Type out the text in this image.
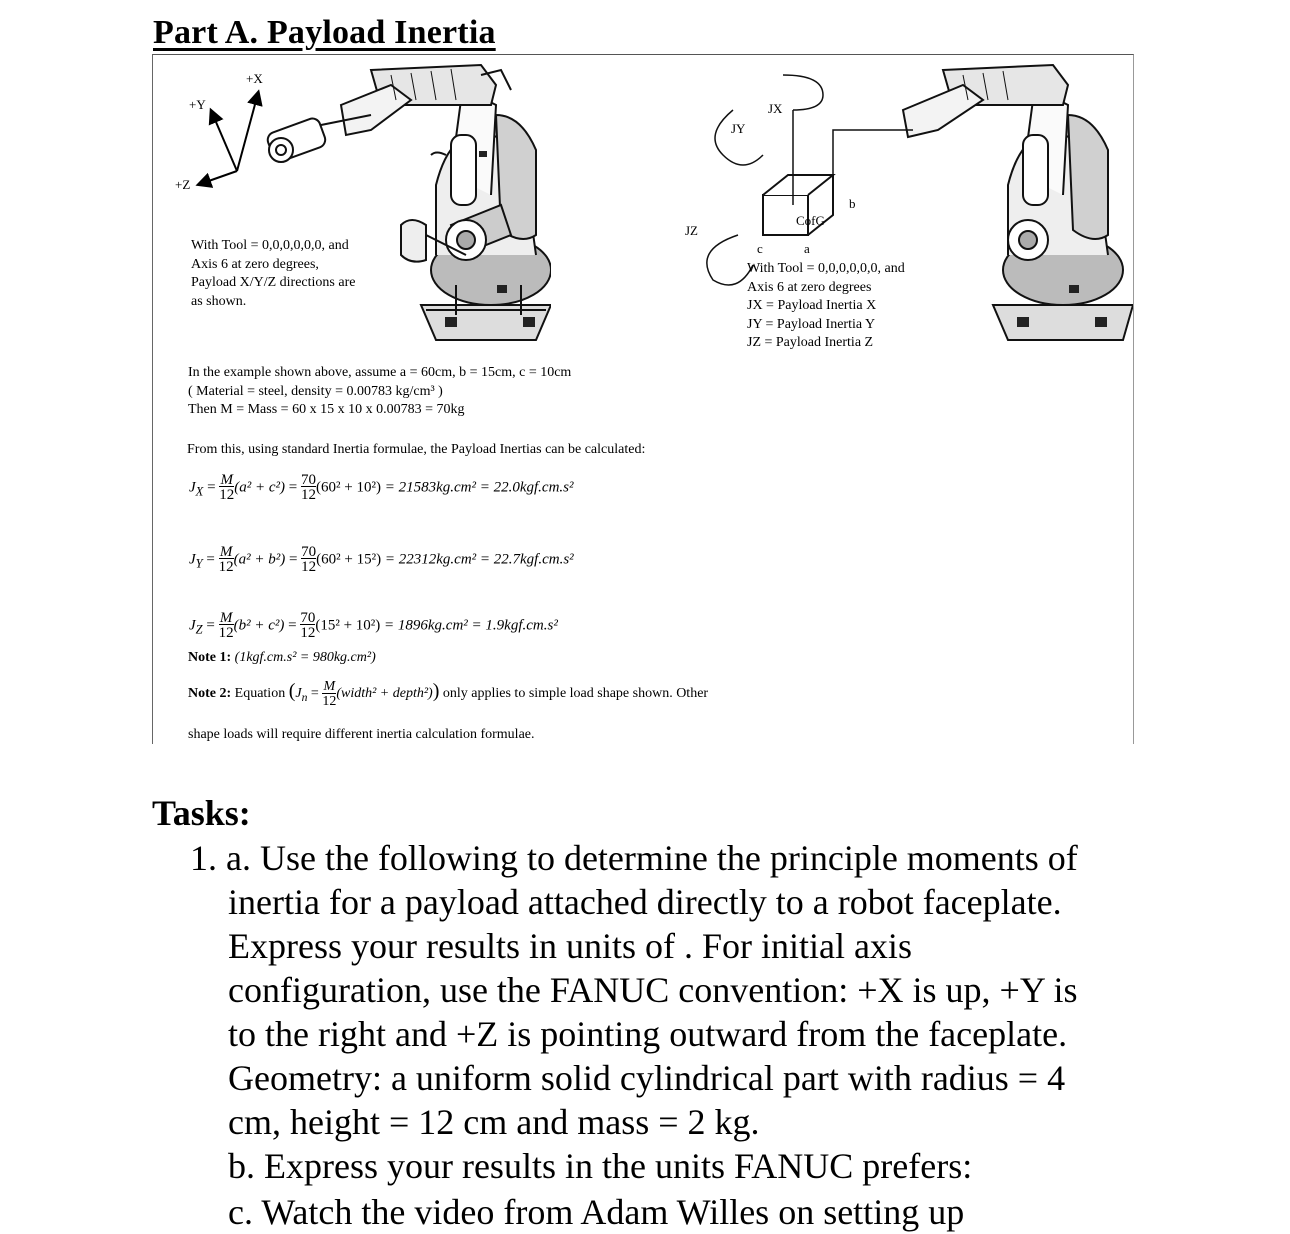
Part A. Payload Inertia
+X
+Y
+Z
With Tool = 0,0,0,0,0,0, and
Axis 6 at zero degrees,
Payload X/Y/Z directions are
as shown.
JX
JY
JZ
CofG
b
c	a
With Tool = 0,0,0,0,0,0, and
Axis 6 at zero degrees
JX = Payload Inertia X
JY = Payload Inertia Y
JZ = Payload Inertia Z
In the example shown above, assume a = 60cm, b = 15cm, c = 10cm
( Material = steel, density = 0.00783 kg/cm³ )
Then M = Mass = 60 x 15 x 10 x 0.00783 = 70kg
From this, using standard Inertia formulae, the Payload Inertias can be calculated:
$J_X = \frac{M}{12}(a^2 + c^2) = \frac{70}{12}(60^2 + 10^2) = 21583kg.cm^2 = 22.0kgf.cm.s^2$
$J_Y = \frac{M}{12}(a^2 + b^2) = \frac{70}{12}(60^2 + 15^2) = 22312kg.cm^2 = 22.7kgf.cm.s^2$
$J_Z = \frac{M}{12}(b^2 + c^2) = \frac{70}{12}(15^2 + 10^2) = 1896kg.cm^2 = 1.9kgf.cm.s^2$
Note 1: (1kgf.cm.s² = 980kg.cm²)
Note 2: Equation ($J_n$ = $\frac{M}{12}(width^2$ + depth²)) only applies to simple load shape shown. Other
shape loads will require different inertia calculation formulae.
Tasks:
1. a. Use the following to determine the principle moments of
inertia for a payload attached directly to a robot faceplate.
Express your results in units of . For initial axis
configuration, use the FANUC convention: +X is up, +Y is
to the right and +Z is pointing outward from the faceplate.
Geometry: a uniform solid cylindrical part with radius = 4
cm, height = 12 cm and mass = 2 kg.
b. Express your results in the units FANUC prefers:
c. Watch the video from Adam Willes on setting up
